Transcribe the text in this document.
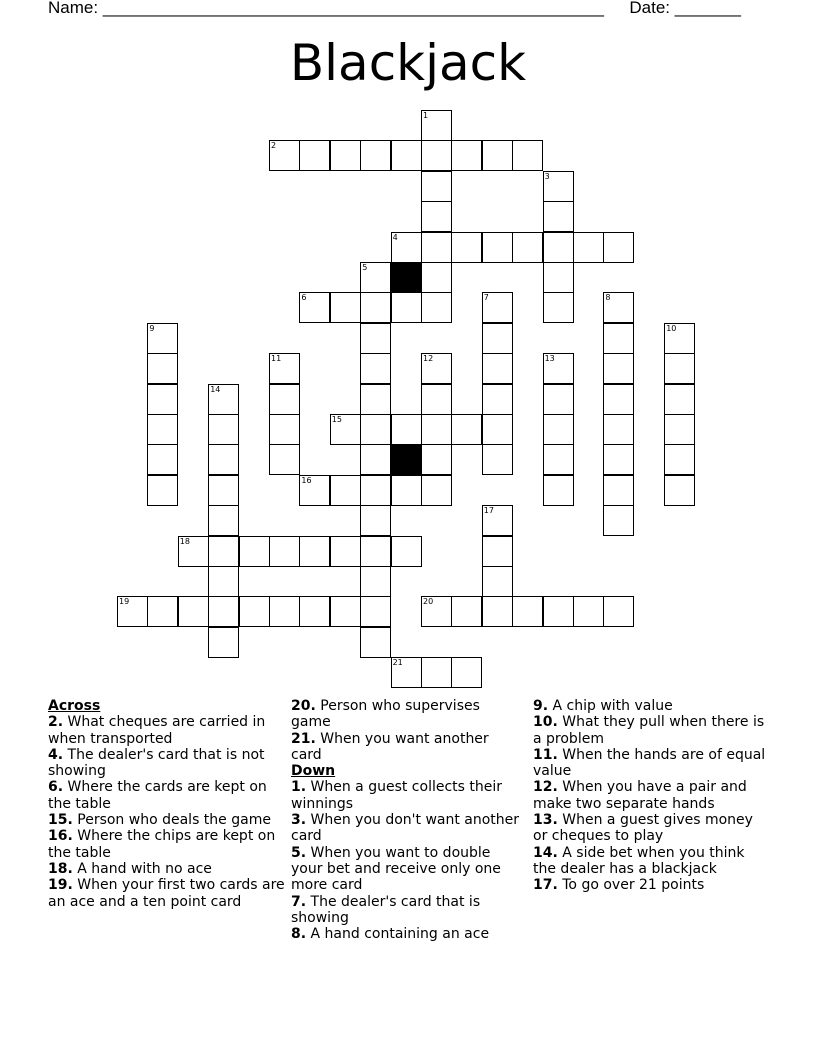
Name: _____________________________________________________ Date: _______
Blackjack
2
4
6
15
16
18
19	20
21
1
3
5
7	8
9	10
11	12	13
14
17
Across
2. What cheques are carried in when transported
4. The dealer's card that is not showing
6. Where the cards are kept on the table
15. Person who deals the game
16. Where the chips are kept on the table
18. A hand with no ace
19. When your first two cards are an ace and a ten point card
20. Person who supervises game
21. When you want another card
Down
1. When a guest collects their winnings
3. When you don't want another card
5. When you want to double your bet and receive only one more card
7. The dealer's card that is showing
8. A hand containing an ace
9. A chip with value
10. What they pull when there is a problem
11. When the hands are of equal value
12. When you have a pair and make two separate hands
13. When a guest gives money or cheques to play
14. A side bet when you think the dealer has a blackjack
17. To go over 21 points
